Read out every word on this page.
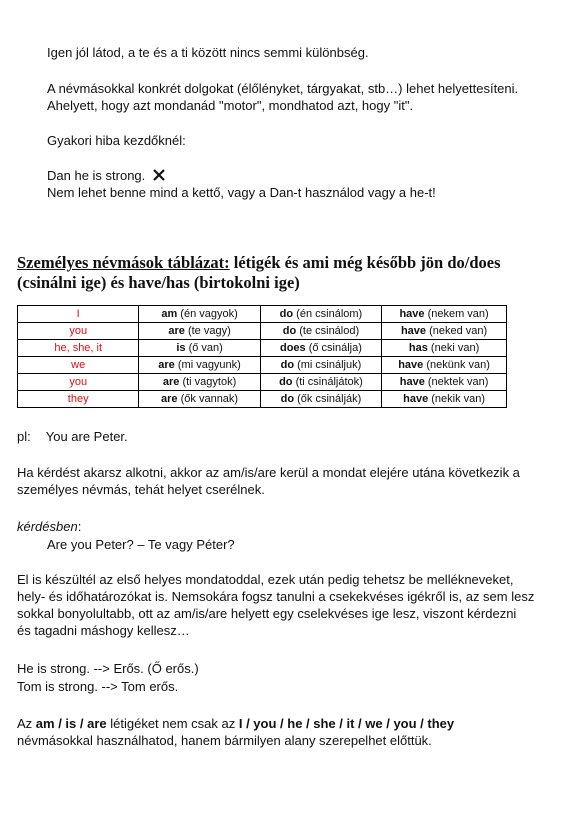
Igen jól látod, a te és a ti között nincs semmi különbség.
A névmásokkal konkrét dolgokat (élőlényket, tárgyakat, stb…) lehet helyettesíteni.
Ahelyett, hogy azt mondanád "motor", mondhatod azt, hogy "it".
Gyakori hiba kezdőknél:
Dan he is strong.
Nem lehet benne mind a kettő, vagy a Dan-t használod vagy a he-t!
Személyes névmások táblázat: létigék és ami még később jön do/does
(csinálni ige) és have/has (birtokolni ige)
I	am (én vagyok)	do (én csinálom)	have (nekem van)
you	are (te vagy)	do (te csinálod)	have (neked van)
he, she, it	is (ő van)	does (ő csinálja)	has (neki van)
we	are (mi vagyunk)	do (mi csináljuk)	have (nekünk van)
you	are (ti vagytok)	do (ti csináljátok)	have (nektek van)
they	are (ők vannak)	do (ők csinálják)	have (nekik van)
pl: You are Peter.
Ha kérdést akarsz alkotni, akkor az am/is/are kerül a mondat elejére utána következik a
személyes névmás, tehát helyet cserélnek.
kérdésben:
Are you Peter? – Te vagy Péter?
El is készültél az első helyes mondatoddal, ezek után pedig tehetsz be mellékneveket,
hely- és időhatározókat is. Nemsokára fogsz tanulni a csekekvéses igékről is, az sem lesz
sokkal bonyolultabb, ott az am/is/are helyett egy cselekvéses ige lesz, viszont kérdezni
és tagadni máshogy kellesz…
He is strong. --> Erős. (Ő erős.)
Tom is strong. --> Tom erős.
Az am / is / are létigéket nem csak az I / you / he / she / it / we / you / they
névmásokkal használhatod, hanem bármilyen alany szerepelhet előttük.
